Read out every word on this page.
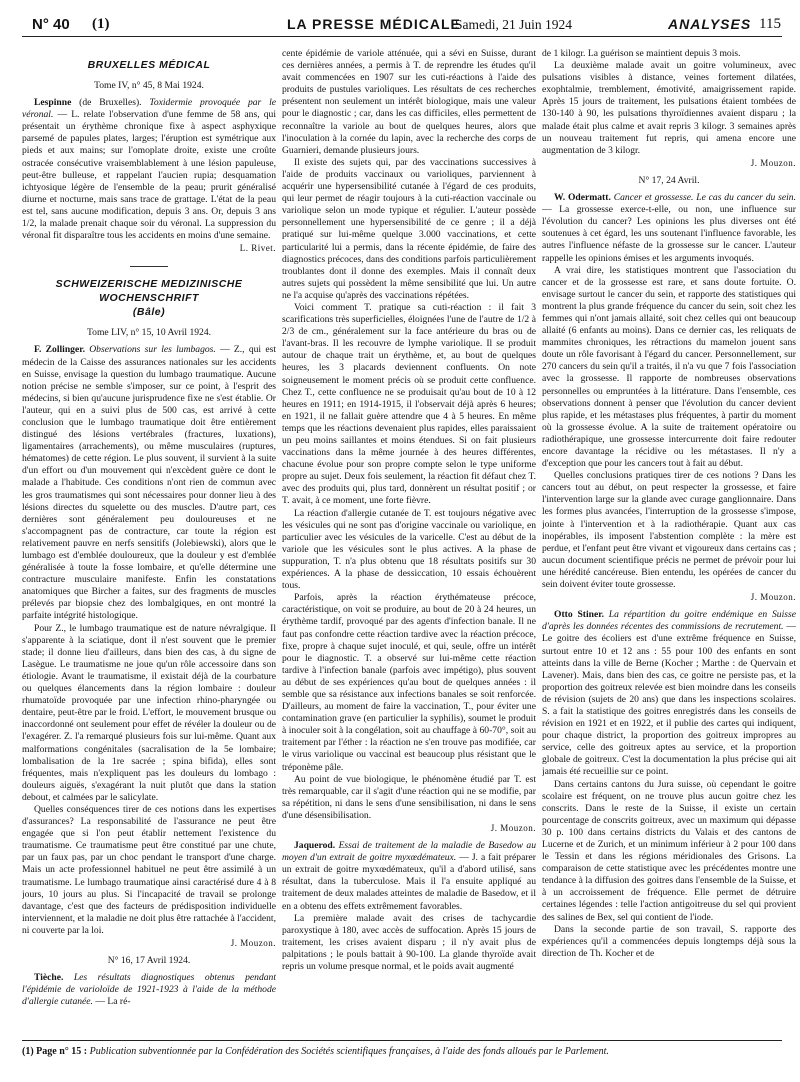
N° 40 (1)	LA PRESSE MÉDICALE
Samedi, 21 Juin 1924	ANALYSES 115
BRUXELLES MÉDICAL

Tome IV, n° 45, 8 Mai 1924.

Lespinne (de Bruxelles). Toxidermie provoquée par le véronal. — L. relate l'observation d'une femme de 58 ans, qui présentait un érythème chronique fixe à aspect asphyxique parsemé de papules plates, larges; l'éruption est symétrique aux pieds et aux mains; sur l'omoplate droite, existe une croûte ostracée consécutive vraisemblablement à une lésion papuleuse, peut-être bulleuse, et rappelant l'aucien rupia; desquamation ichtyosique légère de l'ensemble de la peau; prurit généralisé diurne et nocturne, mais sans trace de grattage. L'état de la peau est tel, sans aucune modification, depuis 3 ans. Or, depuis 3 ans 1/2, la malade prenait chaque soir du véronal. La suppression du véronal fit disparaître tous les accidents en moins d'une semaine.

L. Rivet.

SCHWEIZERISCHE MEDIZINISCHE WOCHENSCHRIFT
(Bâle)

Tome LIV, n° 15, 10 Avril 1924.

F. Zollinger. Observations sur les lumbagos. — Z., qui est médecin de la Caisse des assurances nationales sur les accidents en Suisse, envisage la question du lumbago traumatique. Aucune notion précise ne semble s'imposer, sur ce point, à l'esprit des médecins, si bien qu'aucune jurisprudence fixe ne s'est établie. Or l'auteur, qui en a suivi plus de 500 cas, est arrivé à cette conclusion que le lumbago traumatique doit être entièrement distingué des lésions vertébrales (fractures, luxations), ligamentaires (arrachements), ou même musculaires (ruptures, hématomes) de cette région. Le plus souvent, il survient à la suite d'un effort ou d'un mouvement qui n'excèdent guère ce dont le malade a l'habitude. Ces conditions n'ont rien de commun avec les gros traumatismes qui sont nécessaires pour donner lieu à des lésions directes du squelette ou des muscles. D'autre part, ces dernières sont généralement peu douloureuses et ne s'accompagnent pas de contracture, car toute la région est relativement pauvre en nerfs sensitifs (Jolebiewski), alors que le lumbago est d'emblée douloureux, que la douleur y est d'emblée généralisée à toute la fosse lombaire, et qu'elle détermine une contracture musculaire manifeste. Enfin les constatations anatomiques que Bircher a faites, sur des fragments de muscles prélevés par biopsie chez des lombalgiques, en ont montré la parfaite intégrité histologique.

Pour Z., le lumbago traumatique est de nature névralgique. Il s'apparente à la sciatique, dont il n'est souvent que le premier stade; il donne lieu d'ailleurs, dans bien des cas, à du signe de Lasègue. Le traumatisme ne joue qu'un rôle accessoire dans son étiologie. Avant le traumatisme, il existait déjà de la courbature ou quelques élancements dans la région lombaire : douleur rhumatoïde provoquée par une infection rhino-pharyngée ou dentaire, peut-être par le froid. L'effort, le mouvement brusque ou inaccordonné ont seulement pour effet de révéler la douleur ou de l'exagérer. Z. l'a remarqué plusieurs fois sur lui-même. Quant aux malformations congénitales (sacralisation de la 5e lombaire; lombalisation de la 1re sacrée ; spina bifida), elles sont fréquentes, mais n'expliquent pas les douleurs du lombago : douleurs aiguës, s'exagérant la nuit plutôt que dans la station debout, et calmées par le salicylate.

Quelles conséquences tirer de ces notions dans les expertises d'assurances? La responsabilité de l'assurance ne peut être engagée que si l'on peut établir nettement l'existence du traumatisme. Ce traumatisme peut être constitué par une chute, par un faux pas, par un choc pendant le transport d'une charge. Mais un acte professionnel habituel ne peut être assimilé à un traumatisme. Le lumbago traumatique ainsi caractérisé dure 4 à 8 jours, 10 jours au plus. Si l'incapacité de travail se prolonge davantage, c'est que des facteurs de prédisposition individuelle interviennent, et la maladie ne doit plus être rattachée à l'accident, ni couverte par la loi.

J. Mouzon.

N° 16, 17 Avril 1924.

Tièche. Les résultats diagnostiques obtenus pendant l'épidémie de varioloïde de 1921-1923 à l'aide de la méthode d'allergie cutanée. — La ré-

cente épidémie de variole atténuée, qui a sévi en Suisse, durant ces dernières années, a permis à T. de reprendre les études qu'il avait commencées en 1907 sur les cuti-réactions à l'aide des produits de pustules varioliques. Les résultats de ces recherches présentent non seulement un intérêt biologique, mais une valeur pour le diagnostic ; car, dans les cas difficiles, elles permettent de reconnaître la variole au bout de quelques heures, alors que l'inoculation à la cornée du lapin, avec la recherche des corps de Guarnieri, demande plusieurs jours.

Il existe des sujets qui, par des vaccinations successives à l'aide de produits vaccinaux ou varioliques, parviennent à acquérir une hypersensibilité cutanée à l'égard de ces produits, qui leur permet de réagir toujours à la cuti-réaction vaccinale ou variolique selon un mode typique et régulier. L'auteur possède personnellement une hypersensibilité de ce genre ; il a déjà pratiqué sur lui-même quelque 3.000 vaccinations, et cette particularité lui a permis, dans la récente épidémie, de faire des diagnostics précoces, dans des conditions parfois particulièrement troublantes dont il donne des exemples. Mais il connaît deux autres sujets qui possèdent la même sensibilité que lui. Un autre ne l'a acquise qu'après des vaccinations répétées.

Voici comment T. pratique sa cuti-réaction : il fait 3 scarifications très superficielles, éloignées l'une de l'autre de 1/2 à 2/3 de cm., généralement sur la face antérieure du bras ou de l'avant-bras. Il les recouvre de lymphe variolique. Il se produit autour de chaque trait un érythème, et, au bout de quelques heures, les 3 placards deviennent confluents. On note soigneusement le moment précis où se produit cette confluence. Chez T., cette confluence ne se produisait qu'au bout de 10 à 12 heures en 1911; en 1914-1915, il l'observait déjà après 6 heures; en 1921, il ne fallait guère attendre que 4 à 5 heures. En même temps que les réactions devenaient plus rapides, elles paraissaient un peu moins saillantes et moins étendues. Si on fait plusieurs vaccinations dans la même journée à des heures différentes, chacune évolue pour son propre compte selon le type uniforme propre au sujet. Deux fois seulement, la réaction fit défaut chez T. avec des produits qui, plus tard, donnèrent un résultat positif ; or T. avait, à ce moment, une forte fièvre.

La réaction d'allergie cutanée de T. est toujours négative avec les vésicules qui ne sont pas d'origine vaccinale ou variolique, en particulier avec les vésicules de la varicelle. C'est au début de la variole que les vésicules sont le plus actives. A la phase de suppuration, T. n'a plus obtenu que 18 résultats positifs sur 30 expériences. A la phase de dessiccation, 10 essais échouèrent tous.

Parfois, après la réaction érythémateuse précoce, caractéristique, on voit se produire, au bout de 20 à 24 heures, un érythème tardif, provoqué par des agents d'infection banale. Il ne faut pas confondre cette réaction tardive avec la réaction précoce, fixe, propre à chaque sujet inoculé, et qui, seule, offre un intérêt pour le diagnostic. T. a observé sur lui-même cette réaction tardive à l'infection banale (parfois avec impétigo), plus souvent au début de ses expériences qu'au bout de quelques années : il semble que sa résistance aux infections banales se soit renforcée. D'ailleurs, au moment de faire la vaccination, T., pour éviter une contamination grave (en particulier la syphilis), soumet le produit à inoculer soit à la congélation, soit au chauffage à 60-70°, soit au traitement par l'éther : la réaction ne s'en trouve pas modifiée, car le virus variolique ou vaccinal est beaucoup plus résistant que le tréponème pâle.

Au point de vue biologique, le phénomène étudié par T. est très remarquable, car il s'agit d'une réaction qui ne se modifie, par sa répétition, ni dans le sens d'une sensibilisation, ni dans le sens d'une désensibilisation.

J. Mouzon.

Jaquerod. Essai de traitement de la maladie de Basedow au moyen d'un extrait de goitre myxœdémateux. — J. a fait préparer un extrait de goitre myxœdémateux, qu'il a d'abord utilisé, sans résultat, dans la tuberculose. Mais il l'a ensuite appliqué au traitement de deux malades atteintes de maladie de Basedow, et il en a obtenu des effets extrêmement favorables.

La première malade avait des crises de tachycardie paroxystique à 180, avec accès de suffocation. Après 15 jours de traitement, les crises avaient disparu ; il n'y avait plus de palpitations ; le pouls battait à 90-100. La glande thyroïde avait repris un volume presque normal, et le poids avait augmenté

de 1 kilogr. La guérison se maintient depuis 3 mois.

La deuxième malade avait un goitre volumineux, avec pulsations visibles à distance, veines fortement dilatées, exophtalmie, tremblement, émotivité, amaigrissement rapide. Après 15 jours de traitement, les pulsations étaient tombées de 130-140 à 90, les pulsations thyroïdiennes avaient disparu ; la malade était plus calme et avait repris 3 kilogr. 3 semaines après un nouveau traitement fut repris, qui amena encore une augmentation de 3 kilogr.

J. Mouzon.

N° 17, 24 Avril.

W. Odermatt. Cancer et grossesse. Le cas du cancer du sein. — La grossesse exerce-t-elle, ou non, une influence sur l'évolution du cancer? Les opinions les plus diverses ont été soutenues à cet égard, les uns soutenant l'influence favorable, les autres l'influence néfaste de la grossesse sur le cancer. L'auteur rappelle les opinions émises et les arguments invoqués.

A vrai dire, les statistiques montrent que l'association du cancer et de la grossesse est rare, et sans doute fortuite. O. envisage surtout le cancer du sein, et rapporte des statistiques qui montrent la plus grande fréquence du cancer du sein, soit chez les femmes qui n'ont jamais allaité, soit chez celles qui ont beaucoup allaité (6 enfants au moins). Dans ce dernier cas, les reliquats de mammites chroniques, les rétractions du mamelon jouent sans doute un rôle favorisant à l'égard du cancer. Personnellement, sur 270 cancers du sein qu'il a traités, il n'a vu que 7 fois l'association avec la grossesse. Il rapporte de nombreuses observations personnelles ou empruntées à la littérature. Dans l'ensemble, ces observations donnent à penser que l'évolution du cancer devient plus rapide, et les métastases plus fréquentes, à partir du moment où la grossesse évolue. A la suite de traitement opératoire ou radiothérapique, une grossesse intercurrente doit faire redouter encore davantage la récidive ou les métastases. Il n'y a d'exception que pour les cancers tout à fait au début.

Quelles conclusions pratiques tirer de ces notions ? Dans les cancers tout au début, on peut respecter la grossesse, et faire l'intervention large sur la glande avec curage ganglionnaire. Dans les formes plus avancées, l'interruption de la grossesse s'impose, jointe à l'intervention et à la radiothérapie. Quant aux cas inopérables, ils imposent l'abstention complète : la mère est perdue, et l'enfant peut être vivant et vigoureux dans certains cas ; aucun document scientifique précis ne permet de prévoir pour lui une hérédité cancéreuse. Bien entendu, les opérées de cancer du sein doivent éviter toute grossesse.

J. Mouzon.

Otto Stiner. La répartition du goitre endémique en Suisse d'après les données récentes des commissions de recrutement. — Le goitre des écoliers est d'une extrême fréquence en Suisse, surtout entre 10 et 12 ans : 55 pour 100 des enfants en sont atteints dans la ville de Berne (Kocher ; Marthe : de Quervain et Lavener). Mais, dans bien des cas, ce goitre ne persiste pas, et la proportion des goitreux relevée est bien moindre dans les conseils de révision (sujets de 20 ans) que dans les inspections scolaires. S. a fait la statistique des goitres enregistrés dans les conseils de révision en 1921 et en 1922, et il publie des cartes qui indiquent, pour chaque district, la proportion des goitreux impropres au service, celle des goitreux aptes au service, et la proportion globale de goitreux. C'est la documentation la plus précise qui ait jamais été recueillie sur ce point.

Dans certains cantons du Jura suisse, où cependant le goitre scolaire est fréquent, on ne trouve plus aucun goitre chez les conscrits. Dans le reste de la Suisse, il existe un certain pourcentage de conscrits goitreux, avec un maximum qui dépasse 30 p. 100 dans certains districts du Valais et des cantons de Lucerne et de Zurich, et un minimum inférieur à 2 pour 100 dans le Tessin et dans les régions méridionales des Grisons. La comparaison de cette statistique avec les précédentes montre une tendance à la diffusion des goitres dans l'ensemble de la Suisse, et à un accroissement de fréquence. Elle permet de détruire certaines légendes : telle l'action antigoitreuse du sel qui provient des salines de Bex, sel qui contient de l'iode.

Dans la seconde partie de son travail, S. rapporte des expériences qu'il a commencées depuis longtemps déjà sous la direction de Th. Kocher et de

(1) Page n° 15 : Publication subventionnée par la Confédération des Sociétés scientifiques françaises, à l'aide des fonds alloués par le Parlement.
